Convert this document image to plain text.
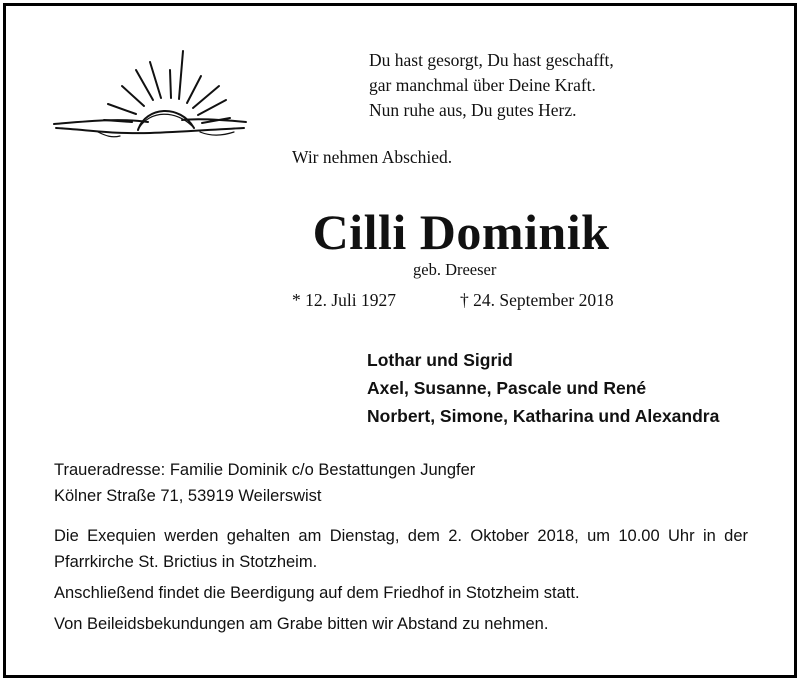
Du hast gesorgt, Du hast geschafft,
gar manchmal über Deine Kraft.
Nun ruhe aus, Du gutes Herz.
Wir nehmen Abschied.
Cilli Dominik
geb. Dreeser
* 12. Juli 1927	† 24. September 2018
Lothar und Sigrid
Axel, Susanne, Pascale und René
Norbert, Simone, Katharina und Alexandra
Traueradresse: Familie Dominik c/o Bestattungen Jungfer
Kölner Straße 71, 53919 Weilerswist

Die Exequien werden gehalten am Dienstag, dem 2. Oktober 2018, um 10.00 Uhr in der Pfarrkirche St. Brictius in Stotzheim.

Anschließend findet die Beerdigung auf dem Friedhof in Stotzheim statt.

Von Beileidsbekundungen am Grabe bitten wir Abstand zu nehmen.
